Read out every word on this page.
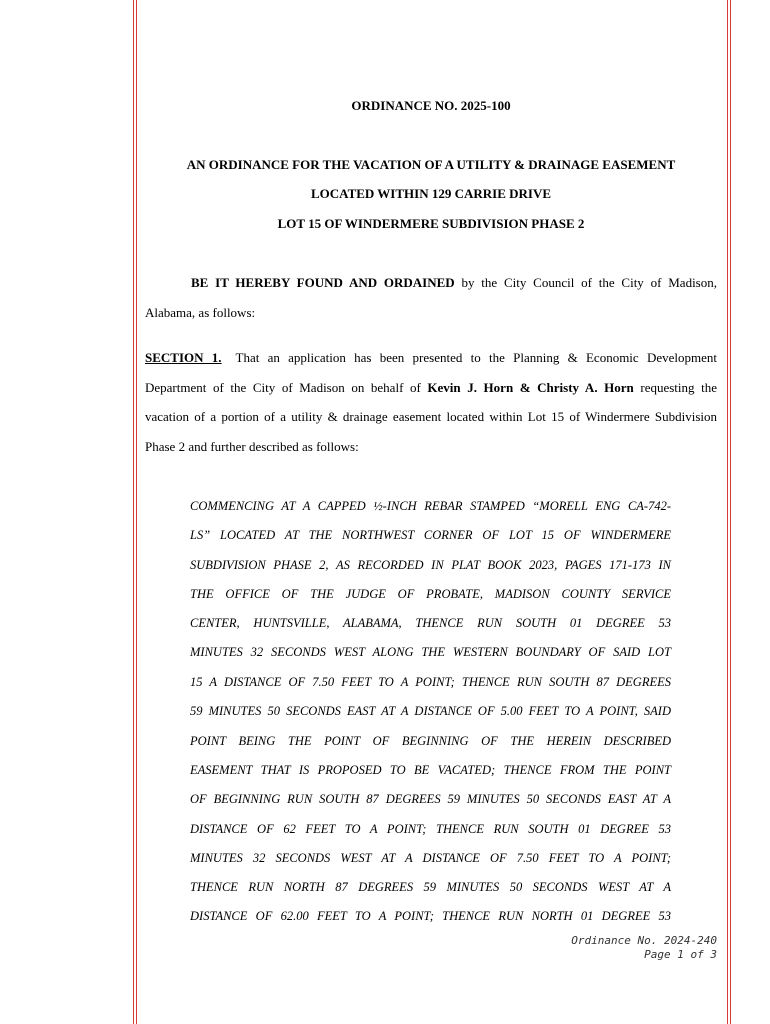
ORDINANCE NO. 2025-100
AN ORDINANCE FOR THE VACATION OF A UTILITY & DRAINAGE EASEMENT
LOCATED WITHIN 129 CARRIE DRIVE
LOT 15 OF WINDERMERE SUBDIVISION PHASE 2
BE IT HEREBY FOUND AND ORDAINED by the City Council of the City of Madison,
Alabama, as follows:
SECTION 1. That an application has been presented to the Planning & Economic Development
Department of the City of Madison on behalf of Kevin J. Horn & Christy A. Horn requesting the
vacation of a portion of a utility & drainage easement located within Lot 15 of Windermere Subdivision
Phase 2 and further described as follows:
COMMENCING AT A CAPPED ½-INCH REBAR STAMPED “MORELL ENG CA-742-
LS” LOCATED AT THE NORTHWEST CORNER OF LOT 15 OF WINDERMERE
SUBDIVISION PHASE 2, AS RECORDED IN PLAT BOOK 2023, PAGES 171-173 IN
THE OFFICE OF THE JUDGE OF PROBATE, MADISON COUNTY SERVICE
CENTER, HUNTSVILLE, ALABAMA, THENCE RUN SOUTH 01 DEGREE 53
MINUTES 32 SECONDS WEST ALONG THE WESTERN BOUNDARY OF SAID LOT
15 A DISTANCE OF 7.50 FEET TO A POINT; THENCE RUN SOUTH 87 DEGREES
59 MINUTES 50 SECONDS EAST AT A DISTANCE OF 5.00 FEET TO A POINT, SAID
POINT BEING THE POINT OF BEGINNING OF THE HEREIN DESCRIBED
EASEMENT THAT IS PROPOSED TO BE VACATED; THENCE FROM THE POINT
OF BEGINNING RUN SOUTH 87 DEGREES 59 MINUTES 50 SECONDS EAST AT A
DISTANCE OF 62 FEET TO A POINT; THENCE RUN SOUTH 01 DEGREE 53
MINUTES 32 SECONDS WEST AT A DISTANCE OF 7.50 FEET TO A POINT;
THENCE RUN NORTH 87 DEGREES 59 MINUTES 50 SECONDS WEST AT A
DISTANCE OF 62.00 FEET TO A POINT; THENCE RUN NORTH 01 DEGREE 53
Ordinance No. 2024-240
Page 1 of 3
